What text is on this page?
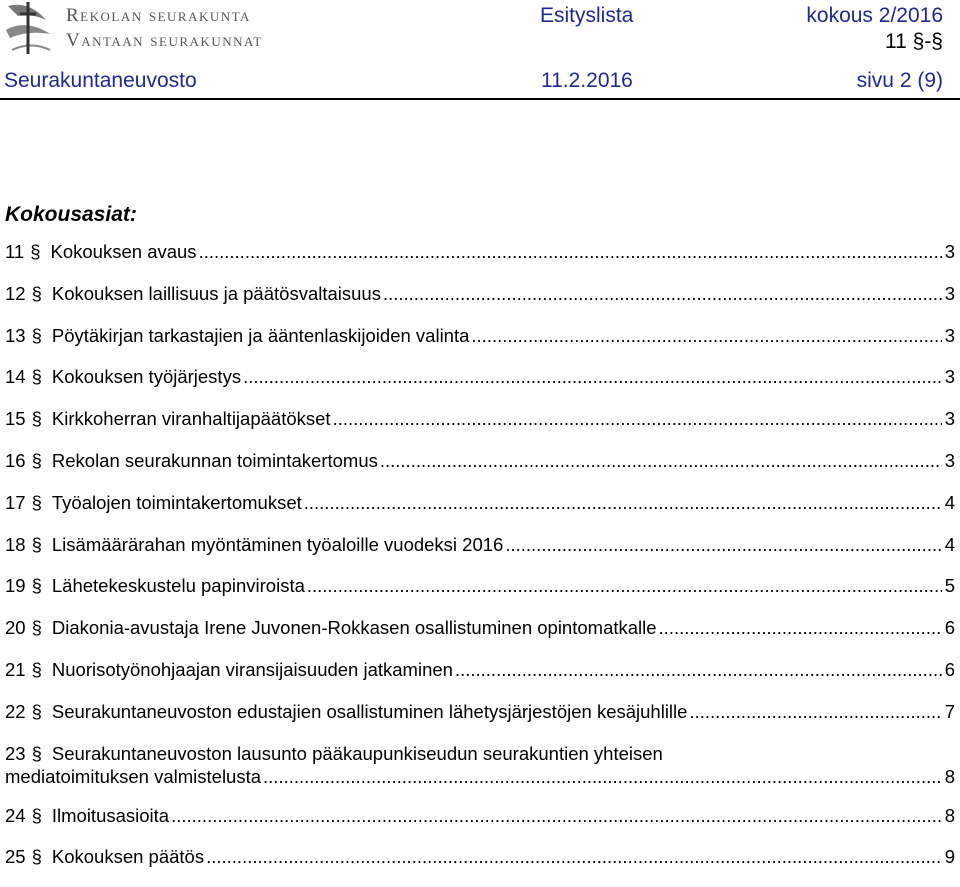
Rekolan seurakunta
Vantaan seurakunnat
Esityslista	kokous 2/2016
11 §-§
Seurakuntaneuvosto	11.2.2016	sivu 2 (9)
Kokousasiat:
11 § Kokouksen avaus .....	3
12 § Kokouksen laillisuus ja päätösvaltaisuus .....	3
13 § Pöytäkirjan tarkastajien ja ääntenlaskijoiden valinta .....	3
14 § Kokouksen työjärjestys .....	3
15 § Kirkkoherran viranhaltijapäätökset .....	3
16 § Rekolan seurakunnan toimintakertomus .....	3
17 § Työalojen toimintakertomukset .....	4
18 § Lisämäärärahan myöntäminen työaloille vuodeksi 2016 .....	4
19 § Lähetekeskustelu papinviroista .....	5
20 § Diakonia-avustaja Irene Juvonen-Rokkasen osallistuminen opintomatkalle .....	6
21 § Nuorisotyönohjaajan viransijaisuuden jatkaminen .....	6
22 § Seurakuntaneuvoston edustajien osallistuminen lähetysjärjestöjen kesäjuhlille .....	7
23 § Seurakuntaneuvoston lausunto pääkaupunkiseudun seurakuntien yhteisen
mediatoimituksen valmistelusta .....	8
24 § Ilmoitusasioita .....	8
25 § Kokouksen päätös .....	9
